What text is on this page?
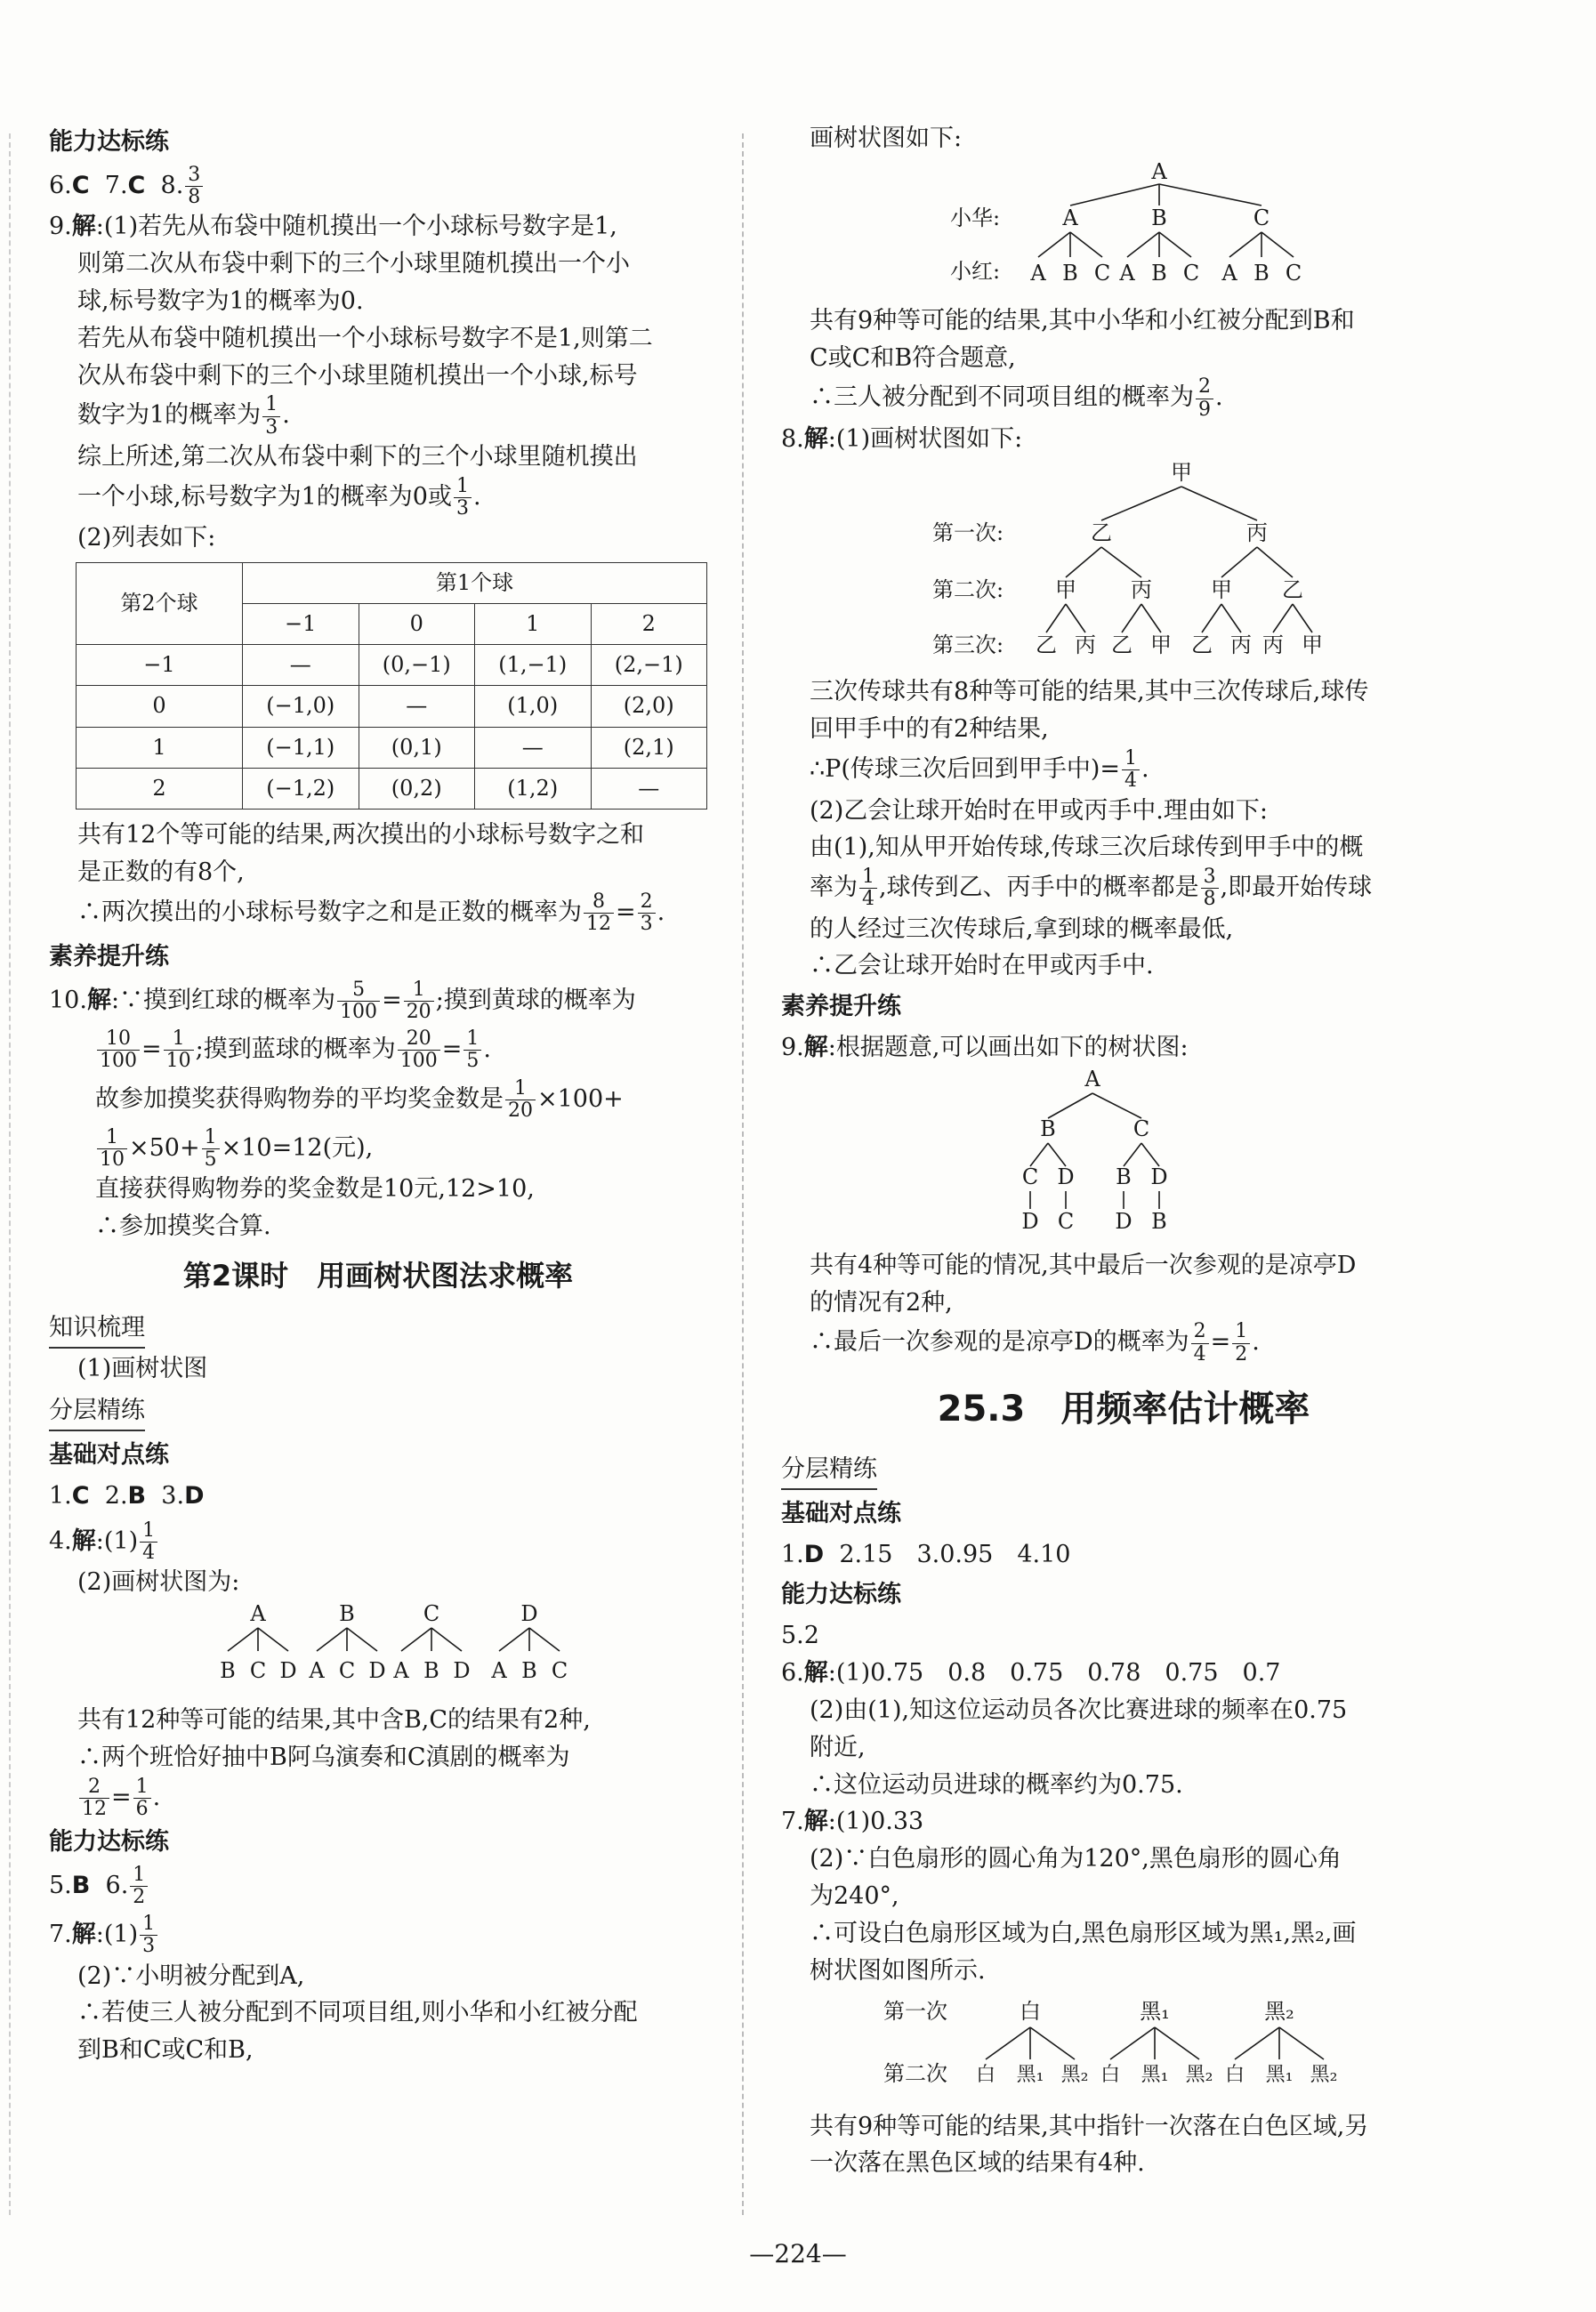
能力达标练

6.C 7.C 8. $\frac{3}{8}$

9.解:(1)若先从布袋中随机摸出一个小球标号数字是1,

则第二次从布袋中剩下的三个小球里随机摸出一个小

球,标号数字为1的概率为0.

若先从布袋中随机摸出一个小球标号数字不是1,则第二

次从布袋中剩下的三个小球里随机摸出一个小球,标号

数字为1的概率为 $\frac{1}{3}$ .

综上所述,第二次从布袋中剩下的三个小球里随机摸出

一个小球,标号数字为1的概率为0或 $\frac{1}{3}$ .

(2)列表如下:

第2个球	第1个球			
	−1	0	1	2
−1	—	(0,−1)	(1,−1)	(2,−1)
0	(−1,0)	—	(1,0)	(2,0)
1	(−1,1)	(0,1)	—	(2,1)
2	(−1,2)	(0,2)	(1,2)	—

共有12个等可能的结果,两次摸出的小球标号数字之和

是正数的有8个,

∴两次摸出的小球标号数字之和是正数的概率为 $\frac{8}{12} = \frac{2}{3}$ .

素养提升练

10.解:∵摸到红球的概率为 $\frac{5}{100} = \frac{1}{20}$ ;摸到黄球的概率为

$\frac{10}{100} = \frac{1}{10}$ ;摸到蓝球的概率为 $\frac{20}{100} = \frac{1}{5}$ .

故参加摸奖获得购物券的平均奖金数是 $\frac{1}{20} \times 100+$

$\frac{1}{10} \times 50+ \frac{1}{5} \times 10=12$(元),

直接获得购物券的奖金数是10元,12>10,

∴参加摸奖合算.

第2课时　用画树状图法求概率
知识梳理

(1)画树状图

分层精练
基础对点练

1.C 2.B 3.D

4.解:(1) $\frac{1}{4}$

(2)画树状图为:

A
B C D
B
A C D
C
A B D
D
A B C

共有12种等可能的结果,其中含B,C的结果有2种,

∴两个班恰好抽中B阿乌演奏和C滇剧的概率为

$\frac{2}{12} = \frac{1}{6}$ .

能力达标练

5.B 6. $\frac{1}{2}$

7.解:(1) $\frac{1}{3}$

(2)∵小明被分配到A,

∴若使三人被分配到不同项目组,则小华和小红被分配

到B和C或C和B,

画树状图如下:

A
小华:
小红:
A
A B C
B
A B C
C
A B C

共有9种等可能的结果,其中小华和小红被分配到B和

C或C和B符合题意,

∴三人被分配到不同项目组的概率为 $\frac{2}{9}$ .

8.解:(1)画树状图如下:

甲
第一次:
第二次:
第三次:
乙	丙
甲	丙	甲 乙
乙 丙 乙 甲 乙 丙 丙 甲

三次传球共有8种等可能的结果,其中三次传球后,球传

回甲手中的有2种结果,

∴P(传球三次后回到甲手中)= $\frac{1}{4}$ .

(2)乙会让球开始时在甲或丙手中.理由如下:

由(1),知从甲开始传球,传球三次后球传到甲手中的概

率为 $\frac{1}{4}$ ,球传到乙、丙手中的概率都是 $\frac{3}{8}$ ,即最开始传球

的人经过三次传球后,拿到球的概率最低,

∴乙会让球开始时在甲或丙手中.

素养提升练

9.解:根据题意,可以画出如下的树状图:

A
B	C
C D B D
D C D B

共有4种等可能的情况,其中最后一次参观的是凉亭D

的情况有2种,

∴最后一次参观的是凉亭D的概率为 $\frac{2}{4} = \frac{1}{2}$ .

25.3　用频率估计概率
分层精练
基础对点练

1.D 2.15　3.0.95　4.10

能力达标练

5.2

6.解:(1)0.75　0.8　0.75　0.78　0.75　0.7

(2)由(1),知这位运动员各次比赛进球的频率在0.75

附近,

∴这位运动员进球的概率约为0.75.

7.解:(1)0.33

(2)∵白色扇形的圆心角为120°,黑色扇形的圆心角

为240°,

∴可设白色扇形区域为白,黑色扇形区域为黑₁,黑₂,画

树状图如图所示.

第一次
第二次
白
白 黑₁ 黑₂
黑₁
白 黑₁ 黑₂
黑₂
白 黑₁ 黑₂

共有9种等可能的结果,其中指针一次落在白色区域,另

一次落在黑色区域的结果有4种.

—224—
